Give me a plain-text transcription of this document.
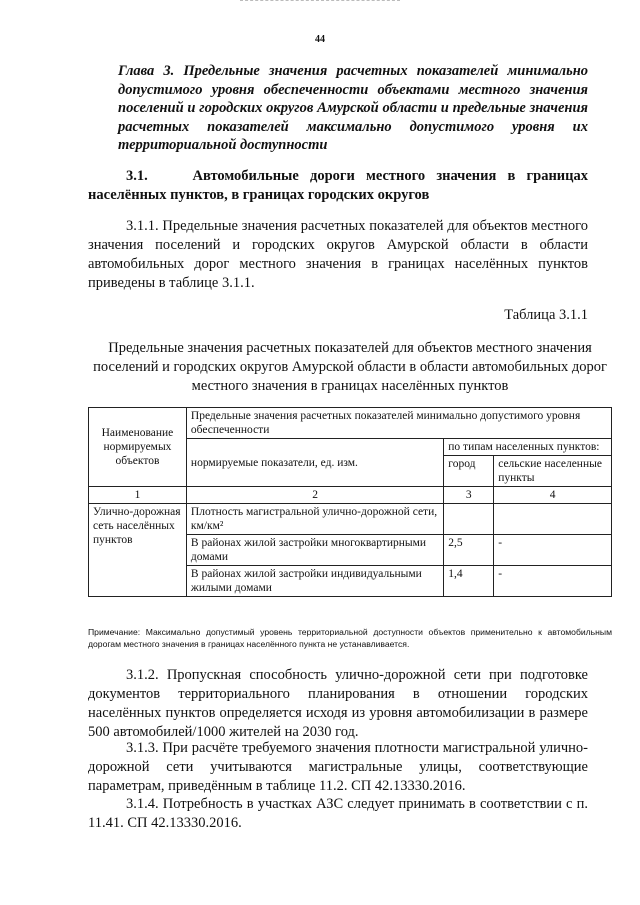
44
Глава 3. Предельные значения расчетных показателей минимально допустимого уровня обеспеченности объектами местного значения поселений и городских округов Амурской области и предельные значения расчетных показателей максимально допустимого уровня их территориальной доступности
3.1.	Автомобильные дороги местного значения в границах населённых пунктов, в границах городских округов
3.1.1. Предельные значения расчетных показателей для объектов местного значения поселений и городских округов Амурской области в области автомобильных дорог местного значения в границах населённых пунктов приведены в таблице 3.1.1.
Таблица 3.1.1
Предельные значения расчетных показателей для объектов местного значения поселений и городских округов Амурской области в области автомобильных дорог местного значения в границах населённых пунктов
Наименование нормируемых объектов	Предельные значения расчетных показателей минимально допустимого уровня обеспеченности		
	нормируемые показатели, ед. изм.	по типам населенных пунктов:	
		город	сельские населенные пункты
1	2	3	4
Улично-дорожная сеть населённых пунктов	Плотность магистральной улично-дорожной сети, км/км²		
	В районах жилой застройки многоквартирными домами	2,5	-
	В районах жилой застройки индивидуальными жилыми домами	1,4	-
Примечание: Максимально допустимый уровень территориальной доступности объектов применительно к автомобильным дорогам местного значения в границах населённого пункта не устанавливается.
3.1.2. Пропускная способность улично-дорожной сети при подготовке документов территориального планирования в отношении городских населённых пунктов определяется исходя из уровня автомобилизации в размере 500 автомобилей/1000 жителей на 2030 год.
3.1.3. При расчёте требуемого значения плотности магистральной улично-дорожной сети учитываются магистральные улицы, соответствующие параметрам, приведённым в таблице 11.2. СП 42.13330.2016.
3.1.4. Потребность в участках АЗС следует принимать в соответствии с п. 11.41. СП 42.13330.2016.
